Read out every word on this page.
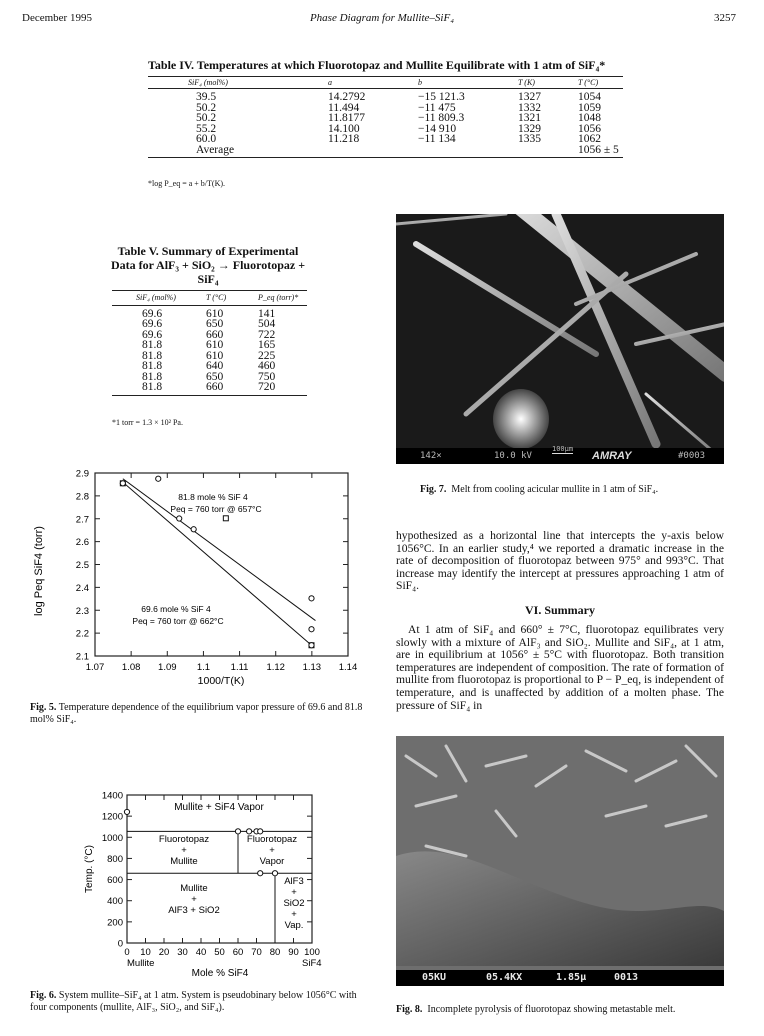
December 1995	Phase Diagram for Mullite–SiF₄	3257
Table IV. Temperatures at which Fluorotopaz and Mullite Equilibrate with 1 atm of SiF₄*
SiF₄ (mol%)	a	b	T (K)	T (°C)
39.5	14.2792	−15 121.3	1327	1054
50.2	11.494	−11 475	1332	1059
50.2	11.8177	−11 809.3	1321	1048
55.2	14.100	−14 910	1329	1056
60.0	11.218	−11 134	1335	1062
Average				1056 ± 5
*log P_eq = a + b/T(K).
Table V. Summary of Experimental
Data for AlF₃ + SiO₂ → Fluorotopaz +
SiF₄
SiF₄ (mol%)	T (°C)	P_eq (torr)*
69.6	610	141
69.6	650	504
69.6	660	722
81.8	610	165
81.8	610	225
81.8	640	460
81.8	650	750
81.8	660	720
*1 torr = 1.3 × 10² Pa.
1.07 1.08 1.09 1.1 1.11 1.12 1.13 1.14
2.1
2.2
2.3
2.4
2.5
2.6
2.7
2.8
2.9
log Peq SiF4 (torr)
1000/T(K)
81.8 mole % SiF 4
Peq = 760 torr @ 657°C
69.6 mole % SiF 4
Peq = 760 torr @ 662°C
Fig. 5. Temperature dependence of the equilibrium vapor pressure of 69.6 and 81.8 mol% SiF₄.
0 10 20 30 40 50 60 70 80 90 100
0
200
400
600
800
1000
1200
1400
Temp. (°C)
Mole % SiF4
Mullite	SiF4
Mullite + SiF4 Vapor
Fluorotopaz
+
Mullite
Fluorotopaz
+
Vapor
Mullite
+
AlF3 + SiO2
AlF3
+
SiO2
+
Vap.
Fig. 6. System mullite–SiF₄ at 1 atm. System is pseudobinary below 1056°C with four components (mullite, AlF₃, SiO₂, and SiF₄).
142×	10.0 kV
100μm
AMRAY	#0003
Fig. 7. Melt from cooling acicular mullite in 1 atm of SiF₄.
hypothesized as a horizontal line that intercepts the y-axis below 1056°C. In an earlier study,⁴ we reported a dramatic increase in the rate of decomposition of fluorotopaz between 975° and 993°C. That increase may identify the intercept at pressures approaching 1 atm of SiF₄.
VI. Summary
At 1 atm of SiF₄ and 660° ± 7°C, fluorotopaz equilibrates very slowly with a mixture of AlF₃ and SiO₂. Mullite and SiF₄, at 1 atm, are in equilibrium at 1056° ± 5°C with fluorotopaz. Both transition temperatures are independent of composition. The rate of formation of mullite from fluorotopaz is proportional to P − P_eq, is independent of temperature, and is unaffected by addition of a molten phase. The pressure of SiF₄ in
05KU	05.4KX	1.85μ	0013
Fig. 8. Incomplete pyrolysis of fluorotopaz showing metastable melt.
